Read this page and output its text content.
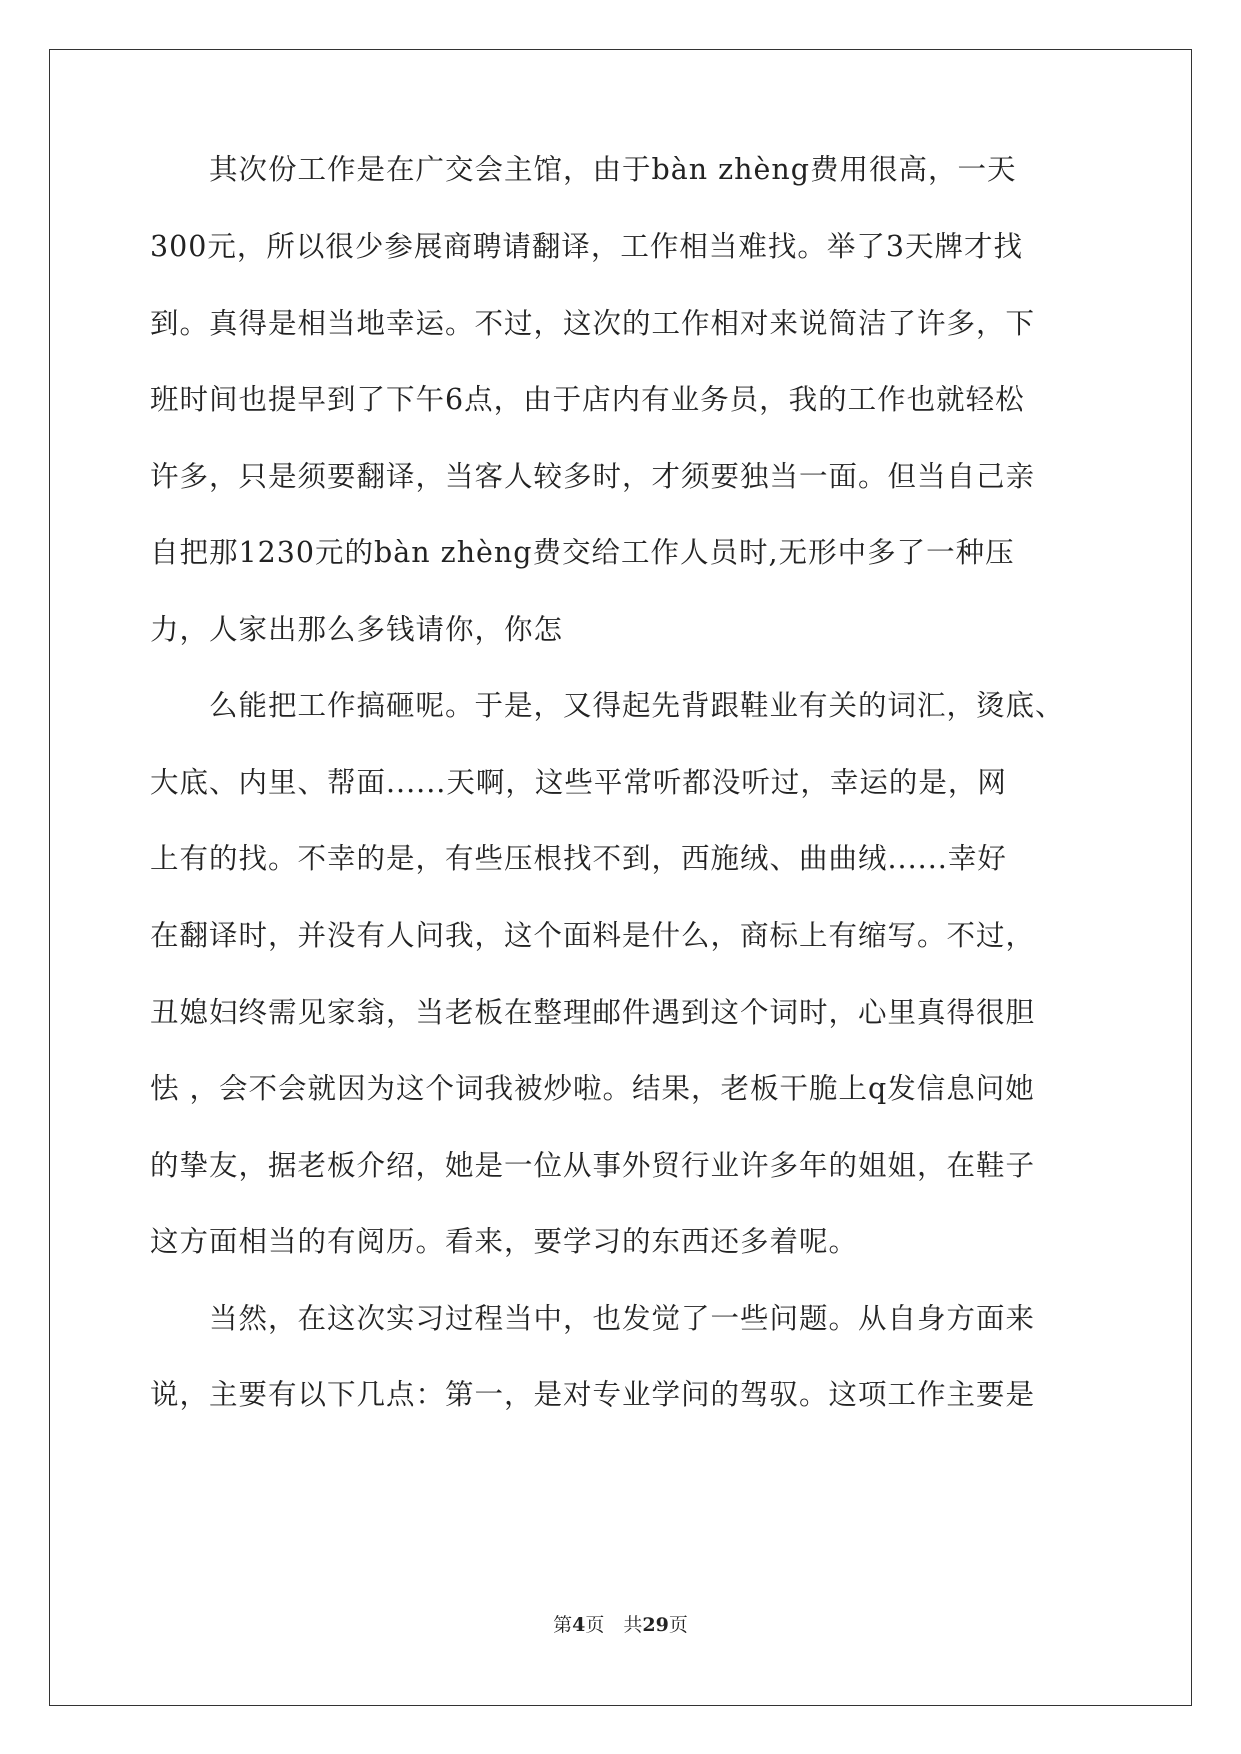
　　其次份工作是在广交会主馆，由于bàn zhèng费用很高，一天
300元，所以很少参展商聘请翻译，工作相当难找。举了3天牌才找
到。真得是相当地幸运。不过，这次的工作相对来说简洁了许多，下
班时间也提早到了下午6点，由于店内有业务员，我的工作也就轻松
许多，只是须要翻译，当客人较多时，才须要独当一面。但当自己亲
自把那1230元的bàn zhèng费交给工作人员时,无形中多了一种压
力，人家出那么多钱请你，你怎
　　么能把工作搞砸呢。于是，又得起先背跟鞋业有关的词汇，烫底、
大底、内里、帮面......天啊，这些平常听都没听过，幸运的是，网
上有的找。不幸的是，有些压根找不到，西施绒、曲曲绒......幸好
在翻译时，并没有人问我，这个面料是什么，商标上有缩写。不过，
丑媳妇终需见家翁，当老板在整理邮件遇到这个词时，心里真得很胆
怯 ，会不会就因为这个词我被炒啦。结果，老板干脆上q发信息问她
的挚友，据老板介绍，她是一位从事外贸行业许多年的姐姐，在鞋子
这方面相当的有阅历。看来，要学习的东西还多着呢。
　　当然，在这次实习过程当中，也发觉了一些问题。从自身方面来
说，主要有以下几点：第一，是对专业学问的驾驭。这项工作主要是
第4页　共29页
